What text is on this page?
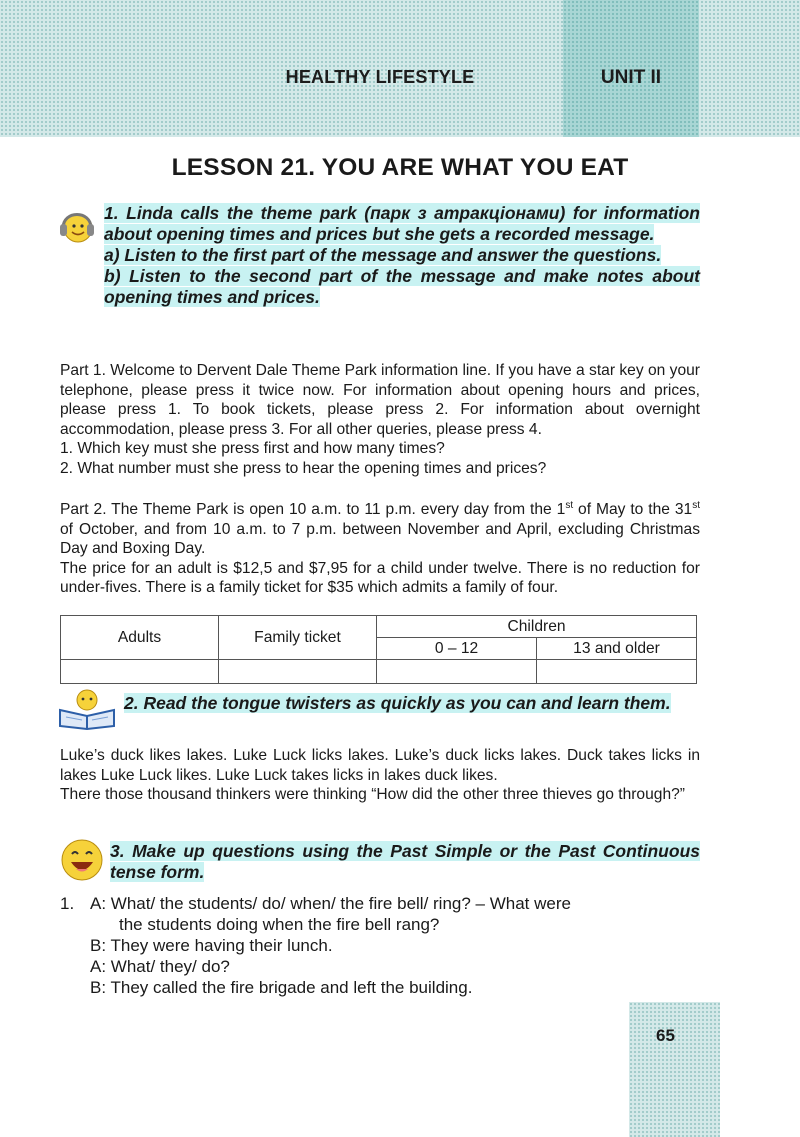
HEALTHY LIFESTYLE	UNIT II
LESSON 21. YOU ARE WHAT YOU EAT
1. Linda calls the theme park (парк з атракціонами) for information about opening times and prices but she gets a recorded message.
a) Listen to the first part of the message and answer the questions.
b) Listen to the second part of the message and make notes about opening times and prices.

Part 1. Welcome to Dervent Dale Theme Park information line. If you have a star key on your telephone, please press it twice now. For information about opening hours and prices, please press 1. To book tickets, please press 2. For information about overnight accommodation, please press 3. For all other queries, please press 4.

1. Which key must she press first and how many times?

2. What number must she press to hear the opening times and prices?

Part 2. The Theme Park is open 10 a.m. to 11 p.m. every day from the 1st of May to the 31st of October, and from 10 a.m. to 7 p.m. between November and April, excluding Christmas Day and Boxing Day.

The price for an adult is $12,5 and $7,95 for a child under twelve. There is no reduction for under-fives. There is a family ticket for $35 which admits a family of four.

Adults	Family ticket	Children	
		0 – 12	13 and older

2. Read the tongue twisters as quickly as you can and learn them.

Luke’s duck likes lakes. Luke Luck licks lakes. Luke’s duck licks lakes. Duck takes licks in lakes Luke Luck likes. Luke Luck takes licks in lakes duck likes.

There those thousand thinkers were thinking “How did the other three thieves go through?”

3. Make up questions using the Past Simple or the Past Continuous tense form.
1. A: What/ the students/ do/ when/ the fire bell/ ring? – What were
the students doing when the fire bell rang?
B: They were having their lunch.
A: What/ they/ do?
B: They called the fire brigade and left the building.
65
